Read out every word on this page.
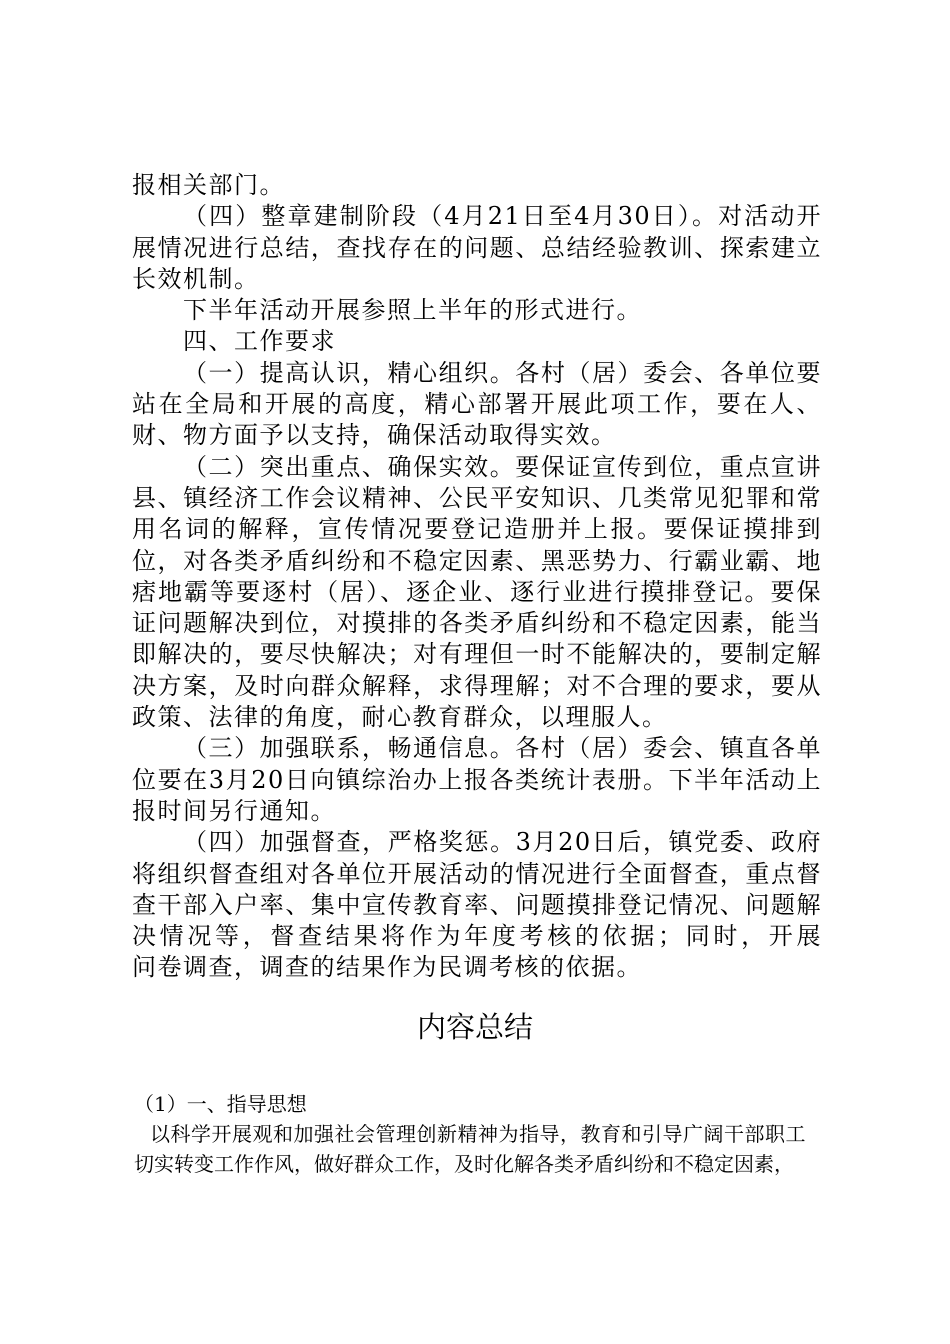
报相关部门。

（四）整章建制阶段（4月21日至4月30日）。对活动开展情况进行总结，查找存在的问题、总结经验教训、探索建立长效机制。

下半年活动开展参照上半年的形式进行。

四、工作要求

（一）提高认识，精心组织。各村（居）委会、各单位要站在全局和开展的高度，精心部署开展此项工作，要在人、财、物方面予以支持，确保活动取得实效。

（二）突出重点、确保实效。要保证宣传到位，重点宣讲县、镇经济工作会议精神、公民平安知识、几类常见犯罪和常用名词的解释，宣传情况要登记造册并上报。要保证摸排到位，对各类矛盾纠纷和不稳定因素、黑恶势力、行霸业霸、地痞地霸等要逐村（居）、逐企业、逐行业进行摸排登记。要保证问题解决到位，对摸排的各类矛盾纠纷和不稳定因素，能当即解决的，要尽快解决；对有理但一时不能解决的，要制定解决方案，及时向群众解释，求得理解；对不合理的要求，要从政策、法律的角度，耐心教育群众，以理服人。

（三）加强联系，畅通信息。各村（居）委会、镇直各单位要在3月20日向镇综治办上报各类统计表册。下半年活动上报时间另行通知。

（四）加强督查，严格奖惩。3月20日后，镇党委、政府将组织督查组对各单位开展活动的情况进行全面督查，重点督查干部入户率、集中宣传教育率、问题摸排登记情况、问题解决情况等，督查结果将作为年度考核的依据；同时，开展　　问卷调查，调查的结果作为民调考核的依据。

内容总结

（1）一、指导思想

以科学开展观和加强社会管理创新精神为指导，教育和引导广阔干部职工

切实转变工作作风，做好群众工作，及时化解各类矛盾纠纷和不稳定因素，
